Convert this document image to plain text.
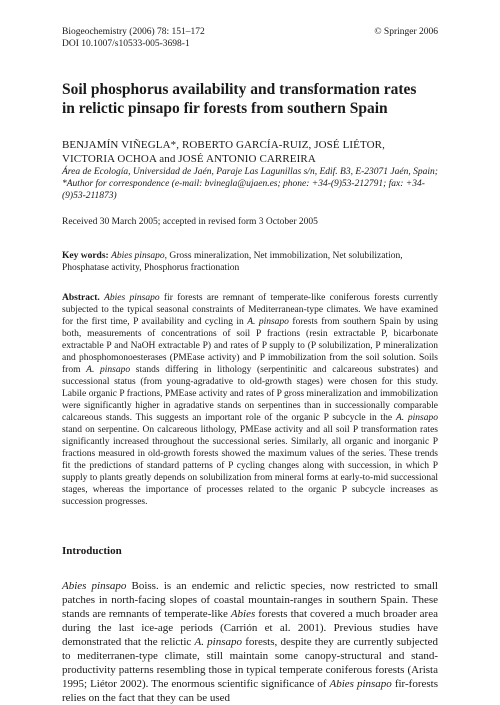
Biogeochemistry (2006) 78: 151–172	© Springer 2006
DOI 10.1007/s10533-005-3698-1
Soil phosphorus availability and transformation rates
in relictic pinsapo fir forests from southern Spain
BENJAMÍN VIÑEGLA*, ROBERTO GARCÍA-RUIZ, JOSÉ LIÉTOR,
VICTORIA OCHOA and JOSÉ ANTONIO CARREIRA
Área de Ecología, Universidad de Jaén, Paraje Las Lagunillas s/n, Edif. B3, E-23071 Jaén, Spain;
*Author for correspondence (e-mail: bvinegla@ujaen.es; phone: +34-(9)53-212791; fax: +34-
(9)53-211873)
Received 30 March 2005; accepted in revised form 3 October 2005
Key words: Abies pinsapo, Gross mineralization, Net immobilization, Net solubilization,
Phosphatase activity, Phosphorus fractionation
Abstract. Abies pinsapo fir forests are remnant of temperate-like coniferous forests currently subjected to the typical seasonal constraints of Mediterranean-type climates. We have examined for the first time, P availability and cycling in A. pinsapo forests from southern Spain by using both, measurements of concentrations of soil P fractions (resin extractable P, bicarbonate extractable P and NaOH extractable P) and rates of P supply to (P solubilization, P mineralization and phosphomonoesterases (PMEase activity) and P immobilization from the soil solution. Soils from A. pinsapo stands differing in lithology (serpentinitic and calcareous substrates) and successional status (from young-agradative to old-growth stages) were chosen for this study. Labile organic P fractions, PMEase activity and rates of P gross mineralization and immobilization were significantly higher in agradative stands on serpentines than in successionally comparable calcareous stands. This suggests an important role of the organic P subcycle in the A. pinsapo stand on serpentine. On calcareous lithology, PMEase activity and all soil P transformation rates significantly increased throughout the successional series. Similarly, all organic and inorganic P fractions measured in old-growth forests showed the maximum values of the series. These trends fit the predictions of standard patterns of P cycling changes along with succession, in which P supply to plants greatly depends on solubilization from mineral forms at early-to-mid successional stages, whereas the importance of processes related to the organic P subcycle increases as succession progresses.
Introduction
Abies pinsapo Boiss. is an endemic and relictic species, now restricted to small patches in north-facing slopes of coastal mountain-ranges in southern Spain. These stands are remnants of temperate-like Abies forests that covered a much broader area during the last ice-age periods (Carrión et al. 2001). Previous studies have demonstrated that the relictic A. pinsapo forests, despite they are currently subjected to mediterranen-type climate, still maintain some canopy-structural and stand-productivity patterns resembling those in typical temperate coniferous forests (Arista 1995; Liétor 2002). The enormous scientific significance of Abies pinsapo fir-forests relies on the fact that they can be used
